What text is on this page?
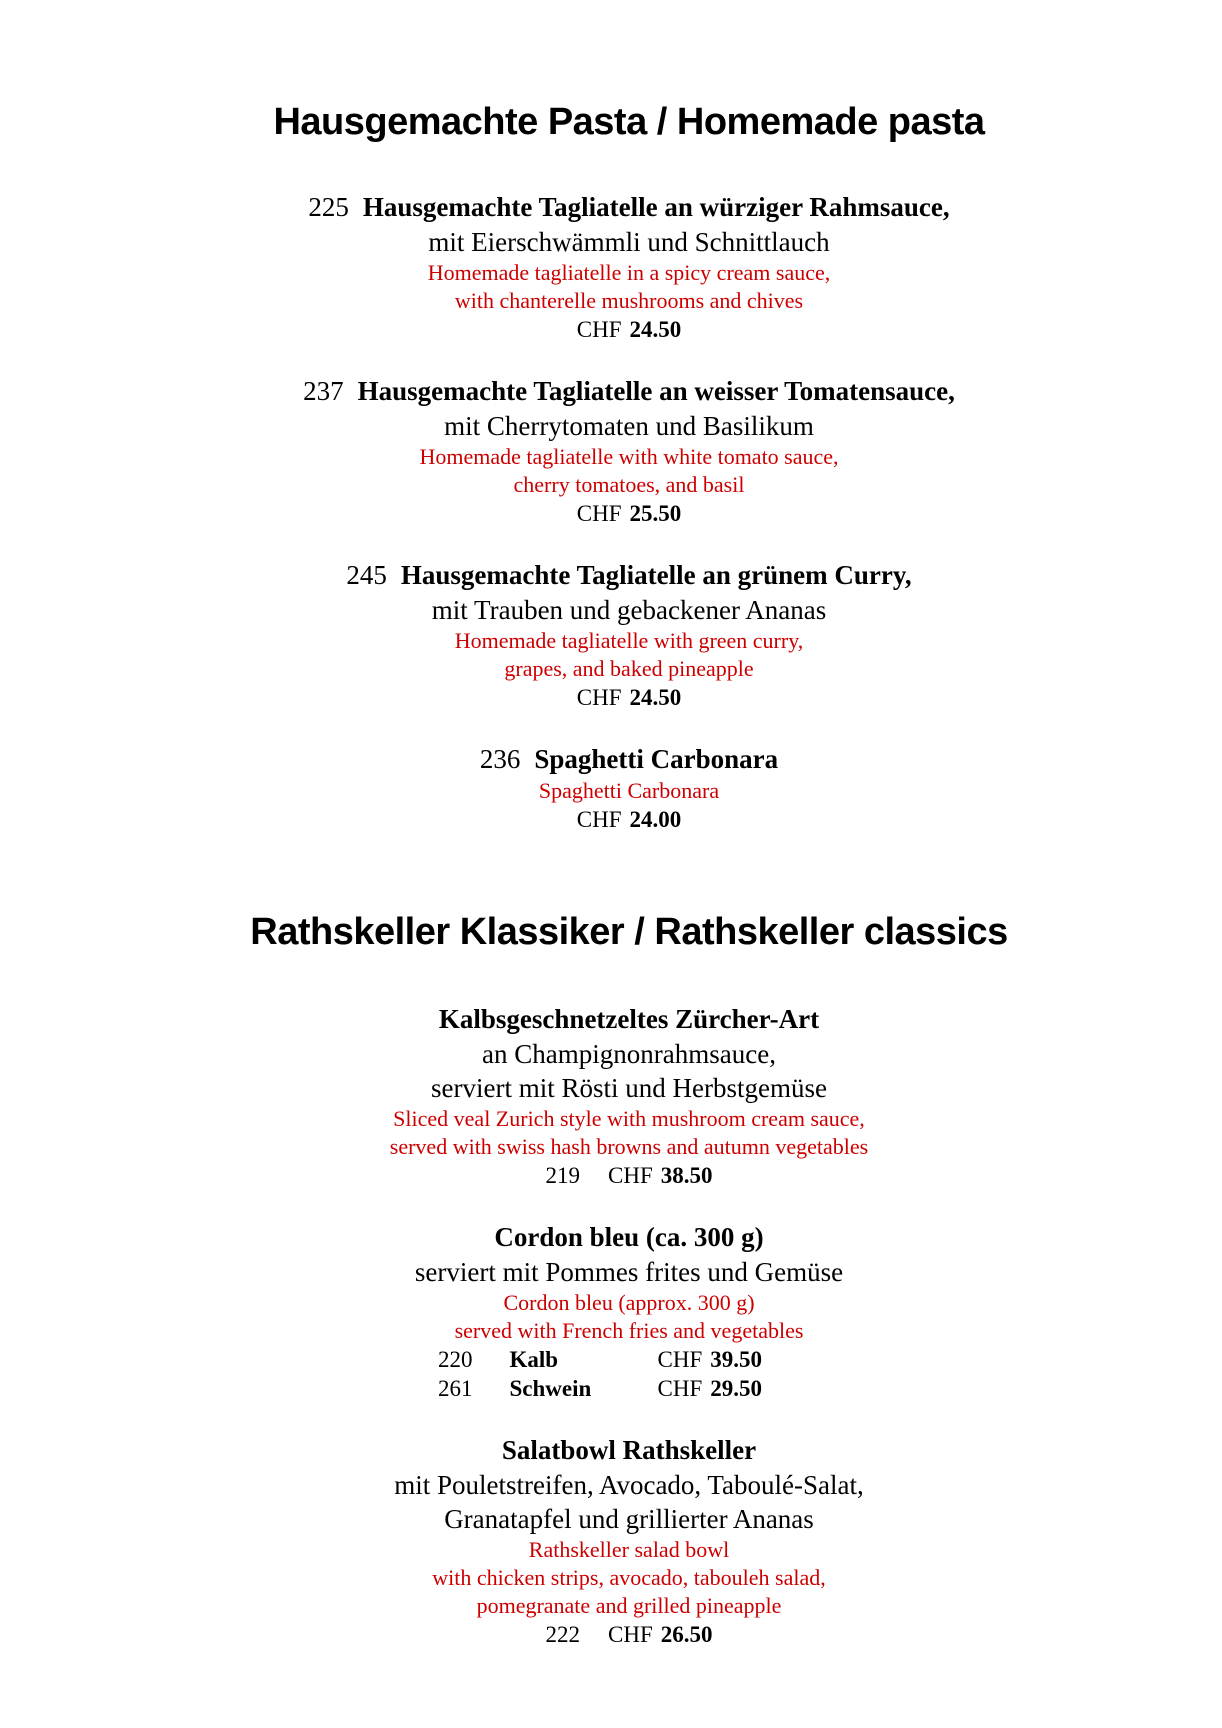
Hausgemachte Pasta / Homemade pasta
225 Hausgemachte Tagliatelle an würziger Rahmsauce,
mit Eierschwämmli und Schnittlauch
Homemade tagliatelle in a spicy cream sauce,
with chanterelle mushrooms and chives
CHF 24.50
237 Hausgemachte Tagliatelle an weisser Tomatensauce,
mit Cherrytomaten und Basilikum
Homemade tagliatelle with white tomato sauce,
cherry tomatoes, and basil
CHF 25.50
245 Hausgemachte Tagliatelle an grünem Curry,
mit Trauben und gebackener Ananas
Homemade tagliatelle with green curry,
grapes, and baked pineapple
CHF 24.50
236 Spaghetti Carbonara
Spaghetti Carbonara
CHF 24.00
Rathskeller Klassiker / Rathskeller classics
Kalbsgeschnetzeltes Zürcher-Art
an Champignonrahmsauce,
serviert mit Rösti und Herbstgemüse
Sliced veal Zurich style with mushroom cream sauce,
served with swiss hash browns and autumn vegetables
219 CHF 38.50
Cordon bleu (ca. 300 g)
serviert mit Pommes frites und Gemüse
Cordon bleu (approx. 300 g)
served with French fries and vegetables
220 Kalb	CHF 39.50
261 Schwein	CHF 29.50
Salatbowl Rathskeller
mit Pouletstreifen, Avocado, Taboulé-Salat,
Granatapfel und grillierter Ananas
Rathskeller salad bowl
with chicken strips, avocado, tabouleh salad,
pomegranate and grilled pineapple
222 CHF 26.50
